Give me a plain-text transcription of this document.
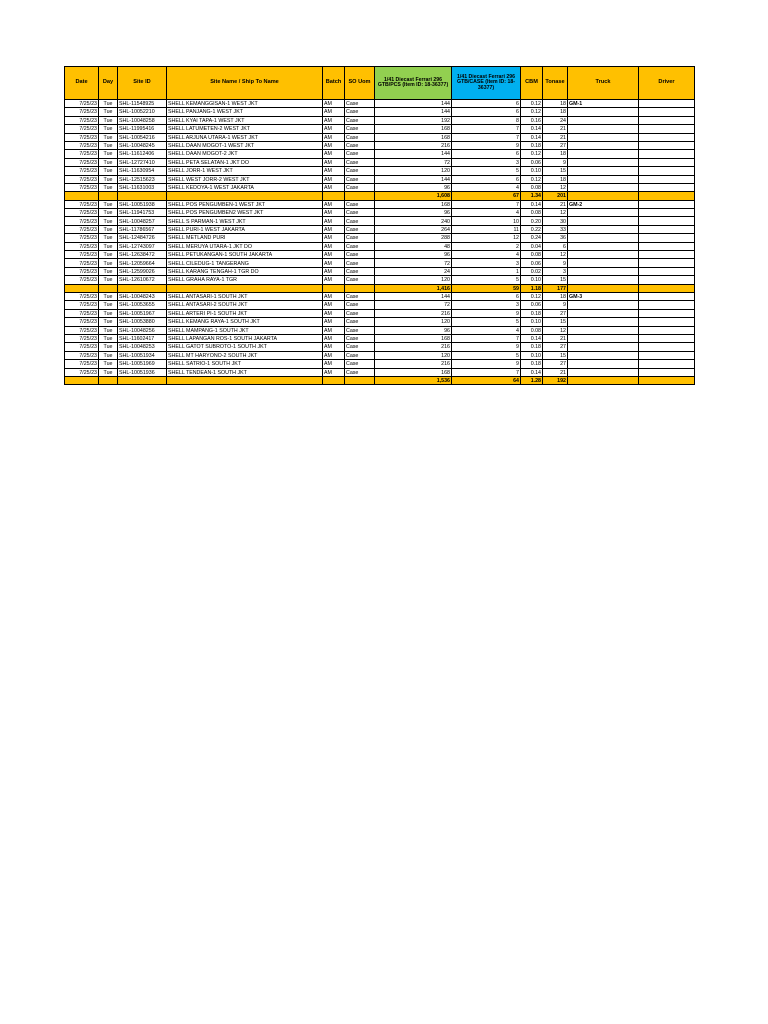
Date	Day	Site ID	Site Name / Ship To Name	Batch	SO Uom	1/41 Diecast Ferrari 296 GTB/PCS (Item ID: 18-36377)	1/41 Diecast Ferrari 296 GTB/CASE (Item ID: 18-36377)	CBM	Tonase	Truck	Driver
7/25/23	Tue	SHL-11548925	SHELL KEMANGGISAN-1 WEST JKT	AM	Case	144	6	0.12	18	GM-1	
7/25/23	Tue	SHL-10052210	SHELL PANJANG-1 WEST JKT	AM	Case	144	6	0.12	18		
7/25/23	Tue	SHL-10048258	SHELL KYAI TAPA-1 WEST JKT	AM	Case	192	8	0.16	24		
7/25/23	Tue	SHL-11995416	SHELL LATUMETEN-2 WEST JKT	AM	Case	168	7	0.14	21		
7/25/23	Tue	SHL-10054216	SHELL ARJUNA UTARA-1 WEST JKT	AM	Case	168	7	0.14	21		
7/25/23	Tue	SHL-10048245	SHELL DAAN MOGOT-1 WEST JKT	AM	Case	216	9	0.18	27		
7/25/23	Tue	SHL-11612406	SHELL DAAN MOGOT-2 JKT	AM	Case	144	6	0.12	18		
7/25/23	Tue	SHL-12727410	SHELL PETA SELATAN-1 JKT DO	AM	Case	72	3	0.06	9		
7/25/23	Tue	SHL-11630954	SHELL JORR-1 WEST JKT	AM	Case	120	5	0.10	15		
7/25/23	Tue	SHL-12515623	SHELL WEST JORR-2 WEST JKT	AM	Case	144	6	0.12	18		
7/25/23	Tue	SHL-11631003	SHELL KEDOYA-1 WEST JAKARTA	AM	Case	96	4	0.08	12		
						1,608	67	1.34	201		
7/25/23	Tue	SHL-10051938	SHELL POS PENGUMBEN-1 WEST JKT	AM	Case	168	7	0.14	21	GM-2	
7/25/23	Tue	SHL-11941753	SHELL POS PENGUMBEN2 WEST JKT	AM	Case	96	4	0.08	12		
7/25/23	Tue	SHL-10048257	SHELL S PARMAN-1 WEST JKT	AM	Case	240	10	0.20	30		
7/25/23	Tue	SHL-11786567	SHELL PURI-1 WEST JAKARTA	AM	Case	264	11	0.22	33		
7/25/23	Tue	SHL-12484726	SHELL METLAND PURI	AM	Case	288	12	0.24	36		
7/25/23	Tue	SHL-12743097	SHELL MERUYA UTARA-1 JKT DO	AM	Case	48	2	0.04	6		
7/25/23	Tue	SHL-12638472	SHELL PETUKANGAN-1 SOUTH JAKARTA	AM	Case	96	4	0.08	12		
7/25/23	Tue	SHL-12059664	SHELL CILEDUG-1 TANGERANG	AM	Case	72	3	0.06	9		
7/25/23	Tue	SHL-12599026	SHELL KARANG TENGAH-1 TGR DO	AM	Case	24	1	0.02	3		
7/25/23	Tue	SHL-12610672	SHELL GRAHA RAYA-1 TGR	AM	Case	120	5	0.10	15		
						1,416	59	1.18	177		
7/25/23	Tue	SHL-10048243	SHELL ANTASARI-1 SOUTH JKT	AM	Case	144	6	0.12	18	GM-3	
7/25/23	Tue	SHL-10053655	SHELL ANTASARI-2 SOUTH JKT	AM	Case	72	3	0.06	9		
7/25/23	Tue	SHL-10051967	SHELL ARTERI PI-1 SOUTH JKT	AM	Case	216	9	0.18	27		
7/25/23	Tue	SHL-10053880	SHELL KEMANG RAYA-1 SOUTH JKT	AM	Case	120	5	0.10	15		
7/25/23	Tue	SHL-10048256	SHELL MAMPANG-1 SOUTH JKT	AM	Case	96	4	0.08	12		
7/25/23	Tue	SHL-11602417	SHELL LAPANGAN ROS-1 SOUTH JAKARTA	AM	Case	168	7	0.14	21		
7/25/23	Tue	SHL-10048253	SHELL GATOT SUBROTO-1 SOUTH JKT	AM	Case	216	9	0.18	27		
7/25/23	Tue	SHL-10051934	SHELL MT HARYONO-2 SOUTH JKT	AM	Case	120	5	0.10	15		
7/25/23	Tue	SHL-10051969	SHELL SATRIO-1 SOUTH JKT	AM	Case	216	9	0.18	27		
7/25/23	Tue	SHL-10051936	SHELL TENDEAN-1 SOUTH JKT	AM	Case	168	7	0.14	21		
						1,536	64	1.28	192		
